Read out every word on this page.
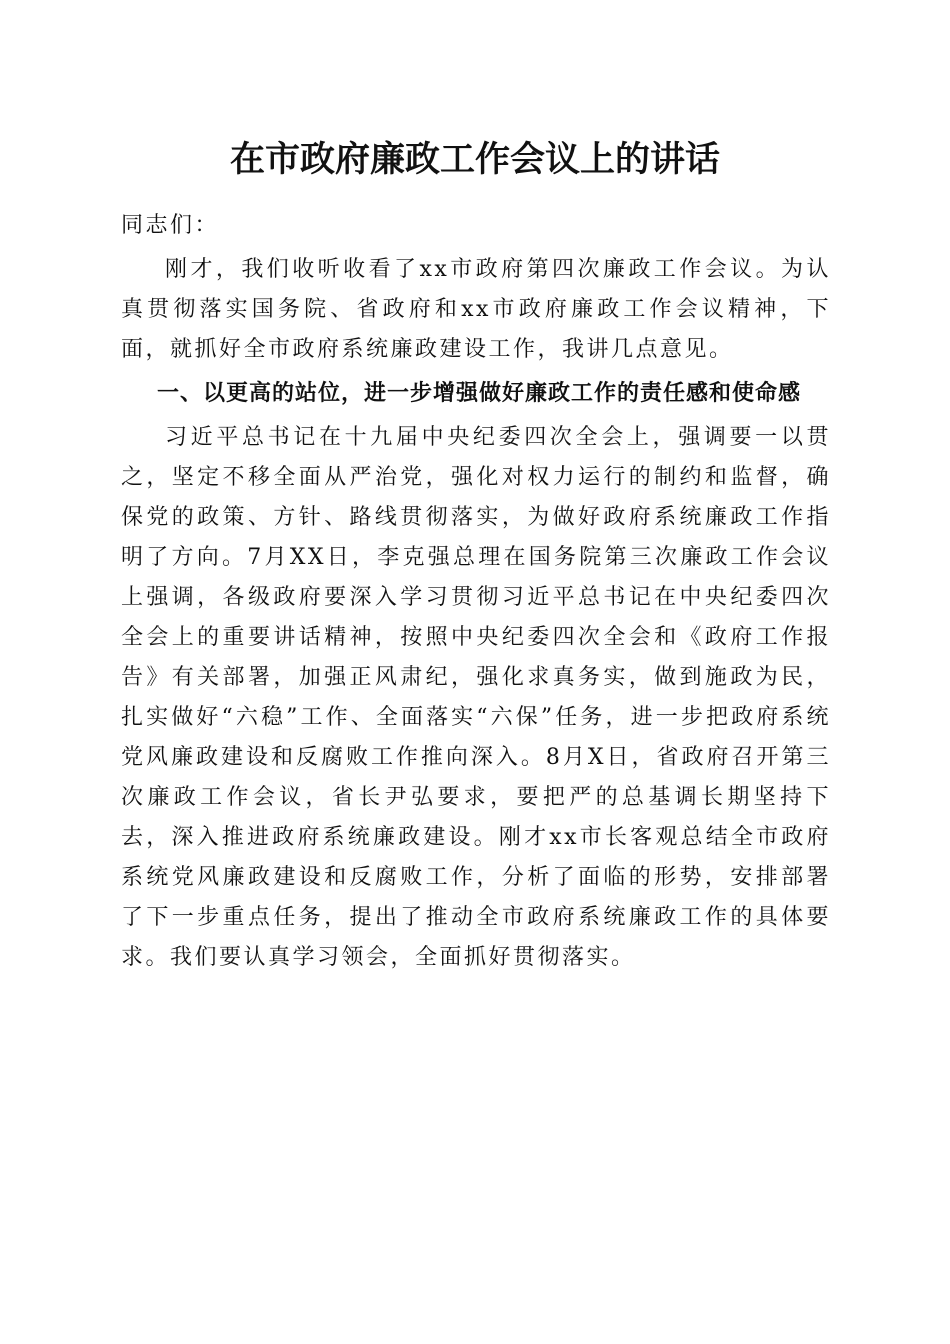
在市政府廉政工作会议上的讲话

同志们：

刚才，我们收听收看了xx市政府第四次廉政工作会议。为认真贯彻落实国务院、省政府和xx市政府廉政工作会议精神，下面，就抓好全市政府系统廉政建设工作，我讲几点意见。

一、以更高的站位，进一步增强做好廉政工作的责任感和使命感

习近平总书记在十九届中央纪委四次全会上，强调要一以贯之，坚定不移全面从严治党，强化对权力运行的制约和监督，确保党的政策、方针、路线贯彻落实，为做好政府系统廉政工作指明了方向。7月XX日，李克强总理在国务院第三次廉政工作会议上强调，各级政府要深入学习贯彻习近平总书记在中央纪委四次全会上的重要讲话精神，按照中央纪委四次全会和《政府工作报告》有关部署，加强正风肃纪，强化求真务实，做到施政为民，扎实做好“六稳”工作、全面落实“六保”任务，进一步把政府系统党风廉政建设和反腐败工作推向深入。8月X日，省政府召开第三次廉政工作会议，省长尹弘要求，要把严的总基调长期坚持下去，深入推进政府系统廉政建设。刚才xx市长客观总结全市政府系统党风廉政建设和反腐败工作，分析了面临的形势，安排部署了下一步重点任务，提出了推动全市政府系统廉政工作的具体要求。我们要认真学习领会，全面抓好贯彻落实。
